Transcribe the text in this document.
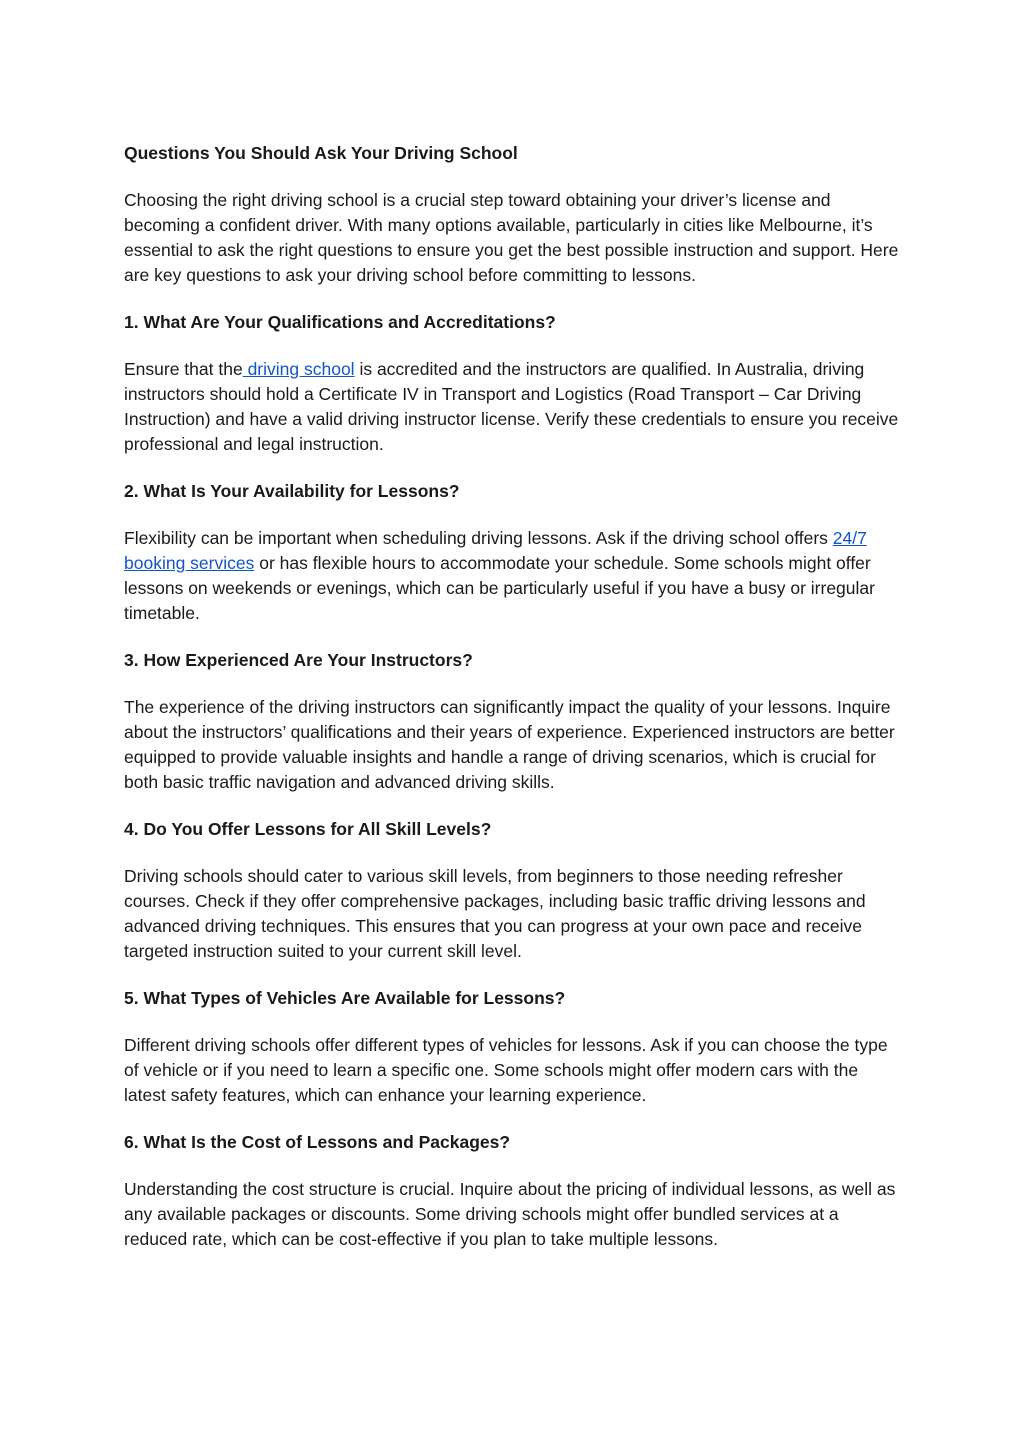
Questions You Should Ask Your Driving School
Choosing the right driving school is a crucial step toward obtaining your driver’s license and becoming a confident driver. With many options available, particularly in cities like Melbourne, it’s essential to ask the right questions to ensure you get the best possible instruction and support. Here are key questions to ask your driving school before committing to lessons.
1. What Are Your Qualifications and Accreditations?
Ensure that the driving school is accredited and the instructors are qualified. In Australia, driving instructors should hold a Certificate IV in Transport and Logistics (Road Transport – Car Driving Instruction) and have a valid driving instructor license. Verify these credentials to ensure you receive professional and legal instruction.
2. What Is Your Availability for Lessons?
Flexibility can be important when scheduling driving lessons. Ask if the driving school offers 24/7 booking services or has flexible hours to accommodate your schedule. Some schools might offer lessons on weekends or evenings, which can be particularly useful if you have a busy or irregular timetable.
3. How Experienced Are Your Instructors?
The experience of the driving instructors can significantly impact the quality of your lessons. Inquire about the instructors’ qualifications and their years of experience. Experienced instructors are better equipped to provide valuable insights and handle a range of driving scenarios, which is crucial for both basic traffic navigation and advanced driving skills.
4. Do You Offer Lessons for All Skill Levels?
Driving schools should cater to various skill levels, from beginners to those needing refresher courses. Check if they offer comprehensive packages, including basic traffic driving lessons and advanced driving techniques. This ensures that you can progress at your own pace and receive targeted instruction suited to your current skill level.
5. What Types of Vehicles Are Available for Lessons?
Different driving schools offer different types of vehicles for lessons. Ask if you can choose the type of vehicle or if you need to learn a specific one. Some schools might offer modern cars with the latest safety features, which can enhance your learning experience.
6. What Is the Cost of Lessons and Packages?
Understanding the cost structure is crucial. Inquire about the pricing of individual lessons, as well as any available packages or discounts. Some driving schools might offer bundled services at a reduced rate, which can be cost-effective if you plan to take multiple lessons.
